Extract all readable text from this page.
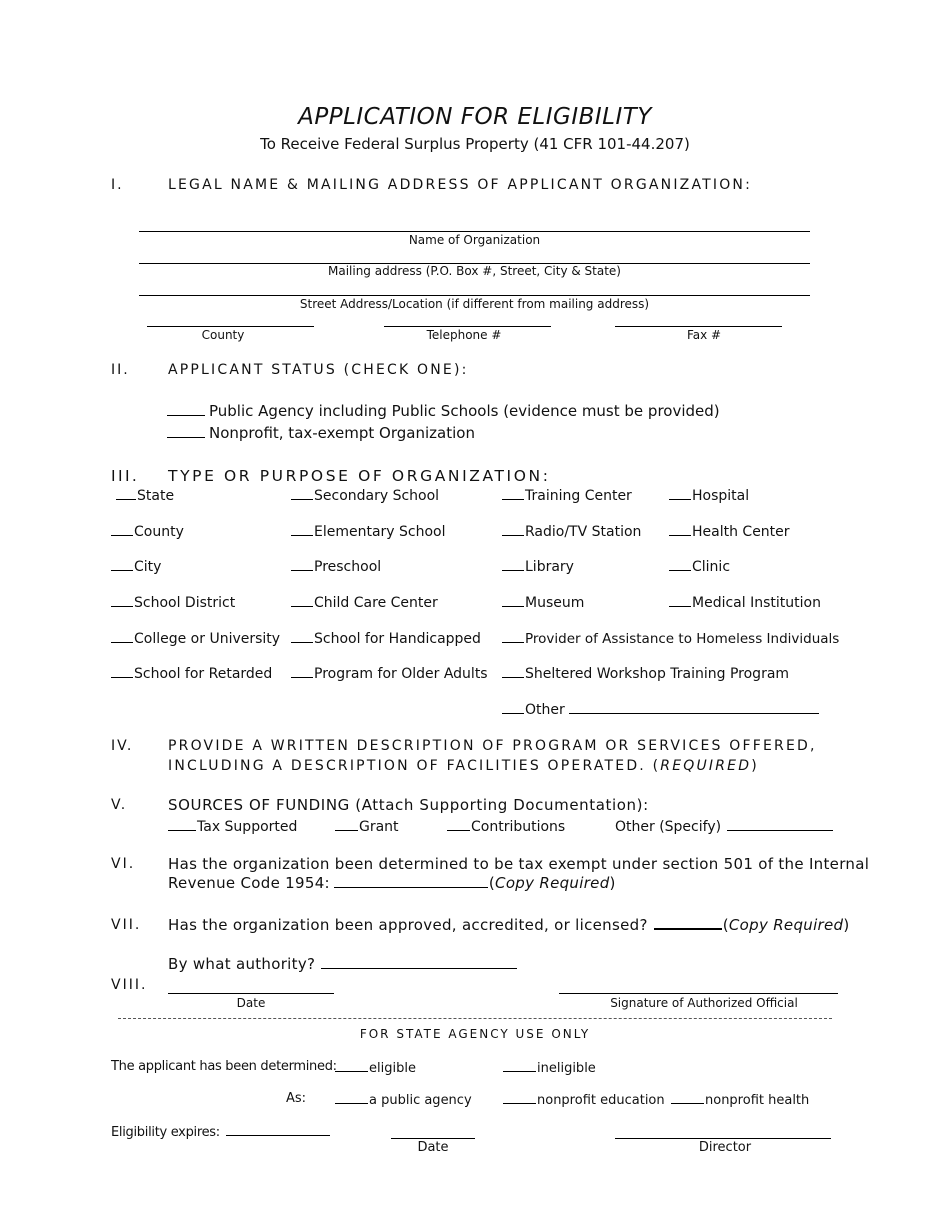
APPLICATION FOR ELIGIBILITY
To Receive Federal Surplus Property (41 CFR 101-44.207)
I.	LEGAL NAME & MAILING ADDRESS OF APPLICANT ORGANIZATION:
Name of Organization
Mailing address (P.O. Box #, Street, City & State)
Street Address/Location (if different from mailing address)
County	Telephone #	Fax #
II.	APPLICANT STATUS (CHECK ONE):
Public Agency including Public Schools (evidence must be provided)
Nonprofit, tax-exempt Organization
III. TYPE OR PURPOSE OF ORGANIZATION:
State	Secondary School	Training Center	Hospital
County	Elementary School	Radio/TV Station	Health Center
City	Preschool	Library	Clinic
School District	Child Care Center	Museum	Medical Institution
College or University	School for Handicapped	Provider of Assistance to Homeless Individuals
School for Retarded	Program for Older Adults	Sheltered Workshop Training Program
Other
IV. PROVIDE A WRITTEN DESCRIPTION OF PROGRAM OR SERVICES OFFERED,
INCLUDING A DESCRIPTION OF FACILITIES OPERATED. (REQUIRED)
V.	SOURCES OF FUNDING (Attach Supporting Documentation):
Tax Supported	Grant	Contributions	Other (Specify)
VI. Has the organization been determined to be tax exempt under section 501 of the Internal
Revenue Code 1954:	(Copy Required)
VII. Has the organization been approved, accredited, or licensed?	(Copy Required)
By what authority?
VIII.
Date	Signature of Authorized Official
FOR STATE AGENCY USE ONLY
The applicant has been determined:	eligible	ineligible
As:	a public agency	nonprofit education	nonprofit health
Eligibility expires:
Date	Director
